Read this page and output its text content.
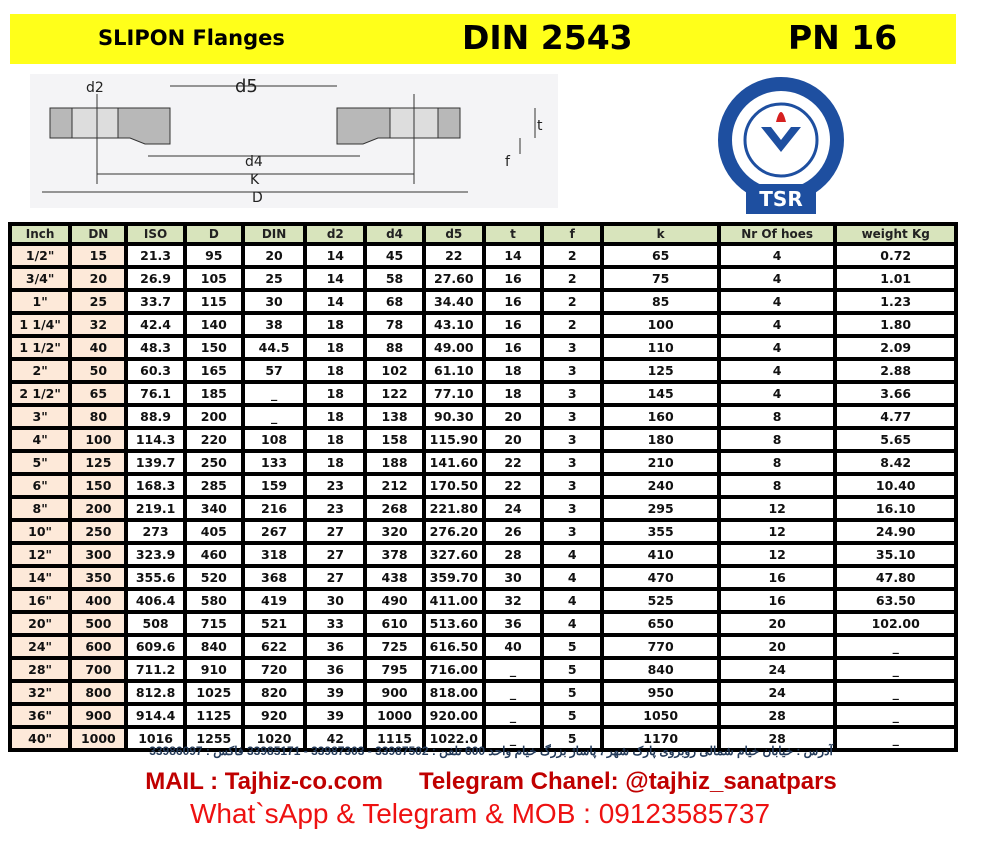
SLIPON Flanges	DIN 2543	PN 16
d2	d5
t
f
d4
K
D	TSR
Inch	DN	ISO	D	DIN	d2	d4	d5	t	f	k	Nr Of hoes	weight Kg
1/2"	15	21.3	95	20	14	45	22	14	2	65	4	0.72
3/4"	20	26.9	105	25	14	58	27.60	16	2	75	4	1.01
1"	25	33.7	115	30	14	68	34.40	16	2	85	4	1.23
1 1/4"	32	42.4	140	38	18	78	43.10	16	2	100	4	1.80
1 1/2"	40	48.3	150	44.5	18	88	49.00	16	3	110	4	2.09
2"	50	60.3	165	57	18	102	61.10	18	3	125	4	2.88
2 1/2"	65	76.1	185	_	18	122	77.10	18	3	145	4	3.66
3"	80	88.9	200	_	18	138	90.30	20	3	160	8	4.77
4"	100	114.3	220	108	18	158	115.90	20	3	180	8	5.65
5"	125	139.7	250	133	18	188	141.60	22	3	210	8	8.42
6"	150	168.3	285	159	23	212	170.50	22	3	240	8	10.40
8"	200	219.1	340	216	23	268	221.80	24	3	295	12	16.10
10"	250	273	405	267	27	320	276.20	26	3	355	12	24.90
12"	300	323.9	460	318	27	378	327.60	28	4	410	12	35.10
14"	350	355.6	520	368	27	438	359.70	30	4	470	16	47.80
16"	400	406.4	580	419	30	490	411.00	32	4	525	16	63.50
20"	500	508	715	521	33	610	513.60	36	4	650	20	102.00
24"	600	609.6	840	622	36	725	616.50	40	5	770	20	_
28"	700	711.2	910	720	36	795	716.00	_	5	840	24	_
32"	800	812.8	1025	820	39	900	818.00	_	5	950	24	_
36"	900	914.4	1125	920	39	1000	920.00	_	5	1050	28	_
40"	1000	1016	1255	1020	42	1115	1022.0	_	5	1170	28	_
آدرس : خیابان خیام شمالی روبروی پارک شهر ، پاساژ بزرگ خیام واحد 600 تلفن : 33987502 - 33987303 - 33985171 فاکس : 33986097
MAIL : Tajhiz-co.com Telegram Chanel: @tajhiz_sanatpars
What`sApp & Telegram & MOB : 09123585737
